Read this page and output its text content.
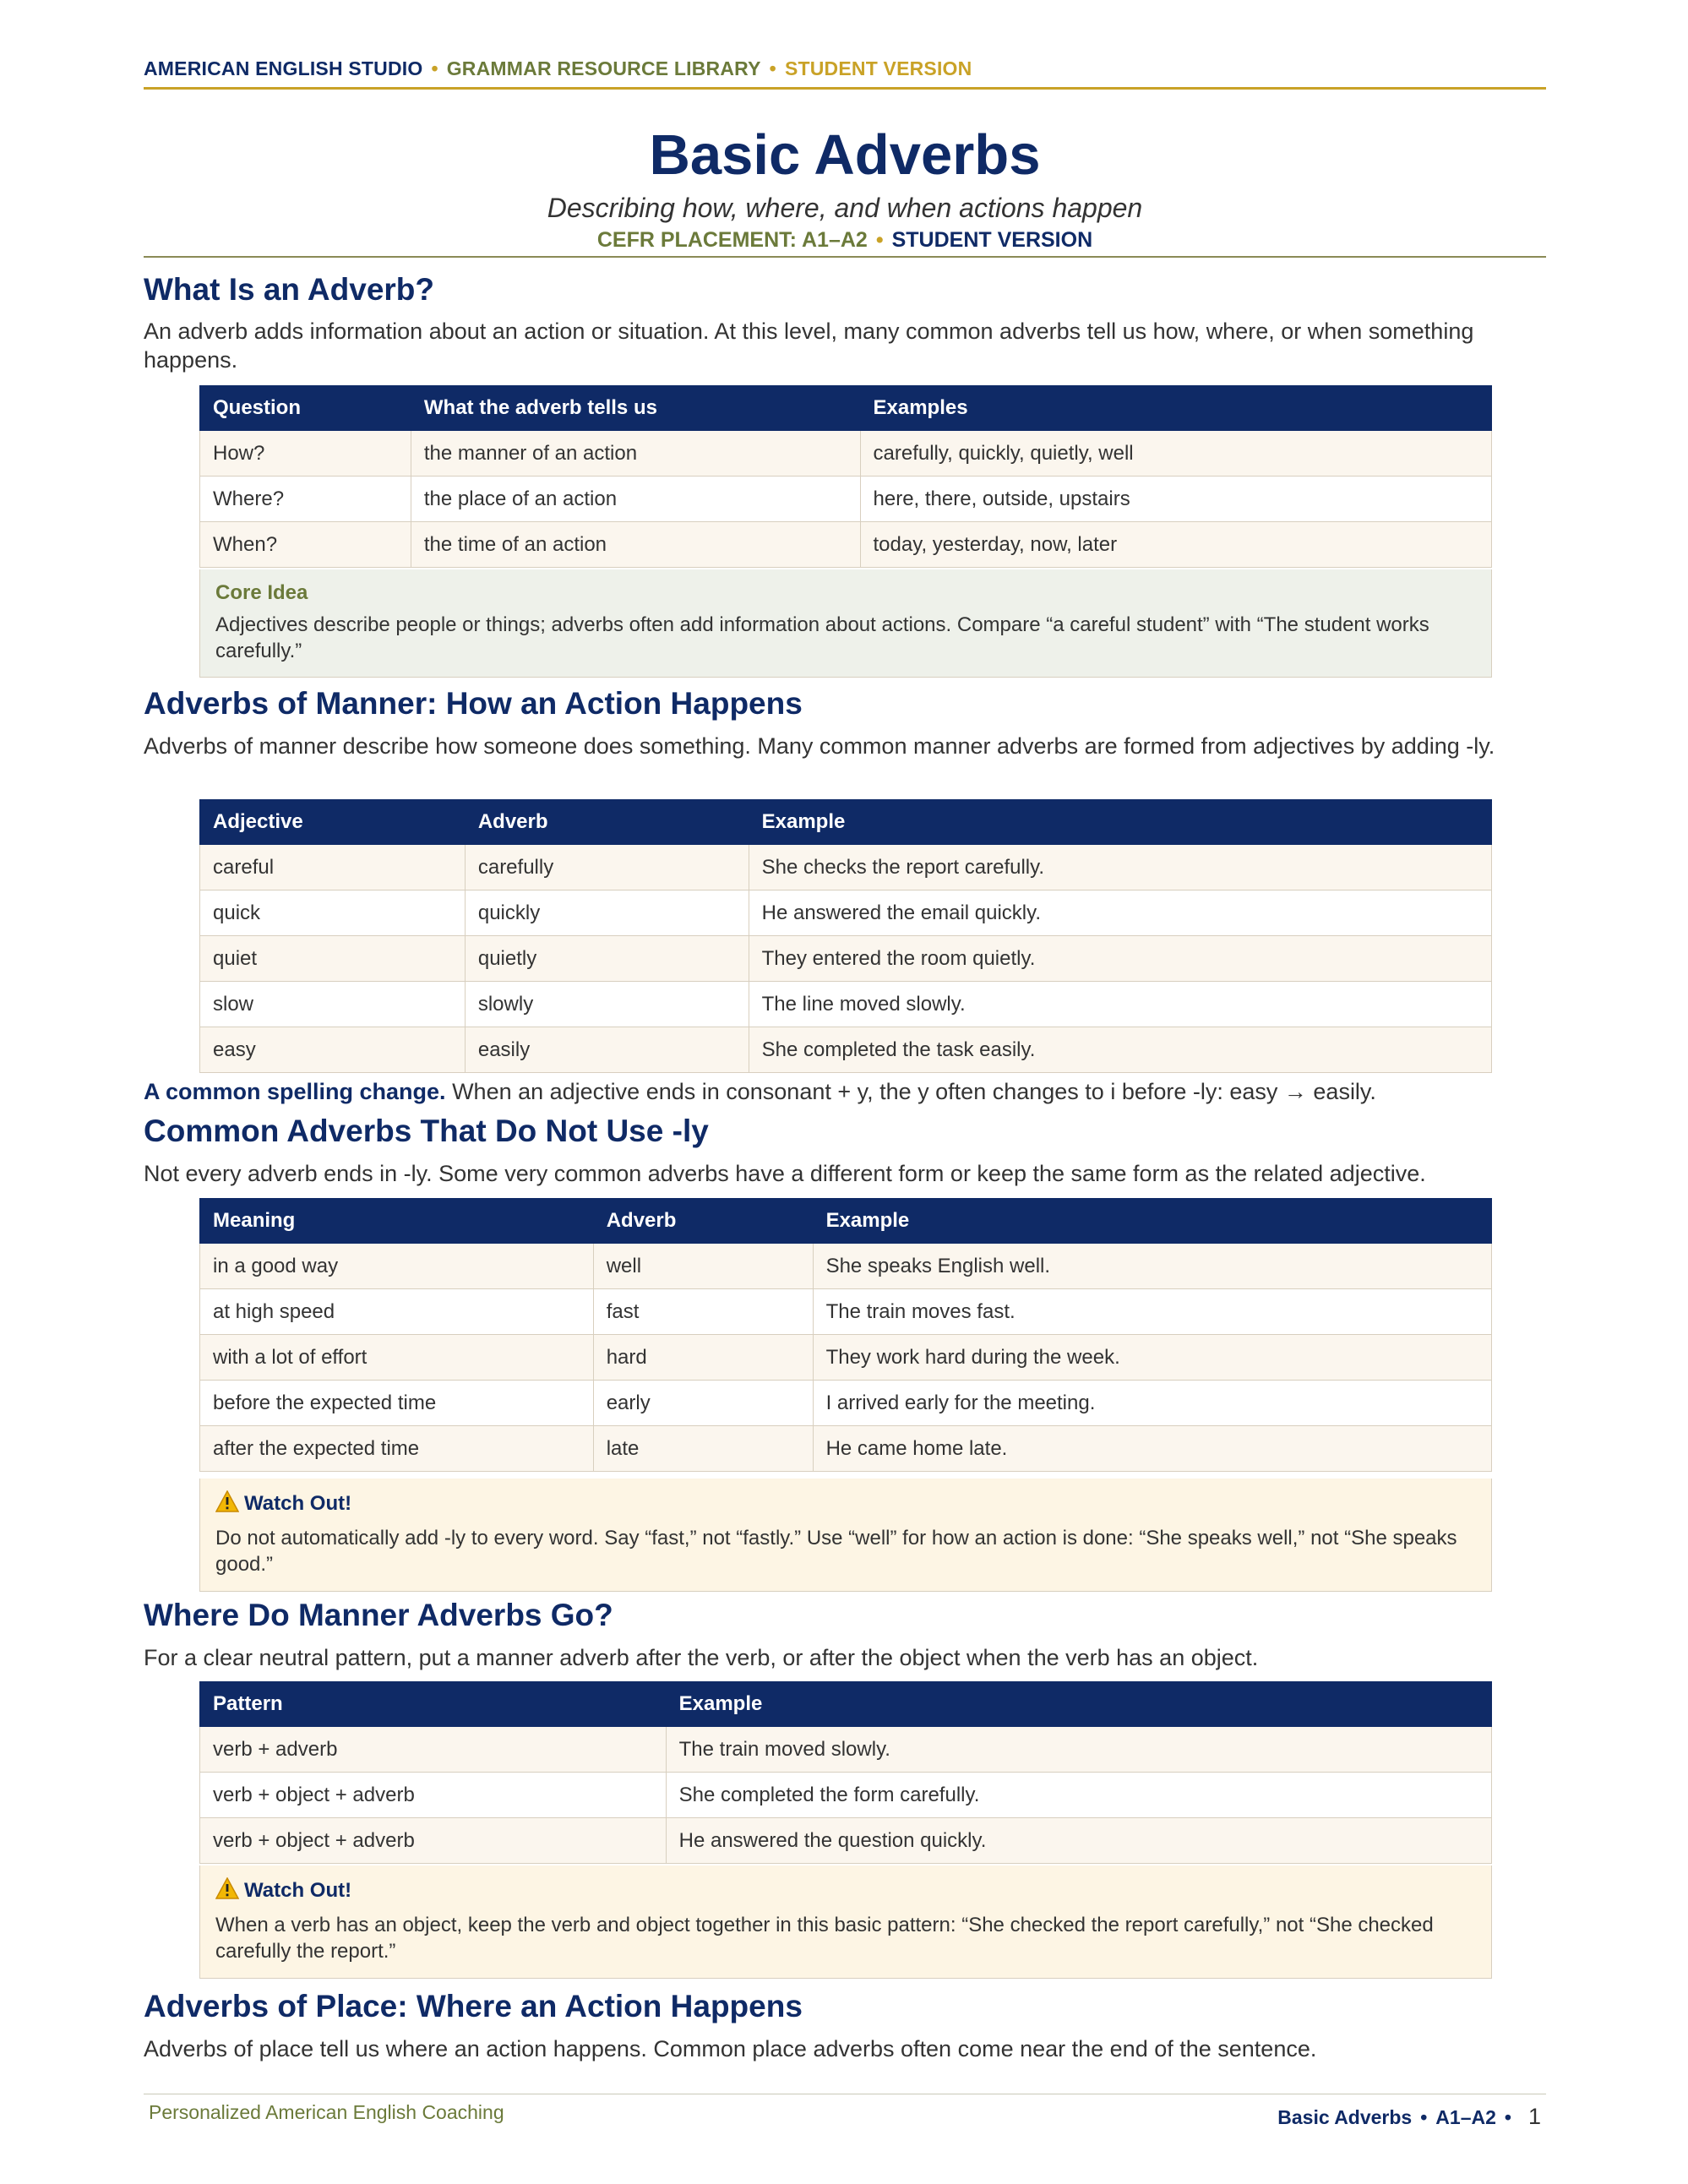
AMERICAN ENGLISH STUDIO • GRAMMAR RESOURCE LIBRARY • STUDENT VERSION
Basic Adverbs
Describing how, where, and when actions happen
CEFR PLACEMENT: A1–A2 • STUDENT VERSION
What Is an Adverb?

An adverb adds information about an action or situation. At this level, many common adverbs tell us how, where, or when something happens.

Question	What the adverb tells us	Examples
How?	the manner of an action	carefully, quickly, quietly, well
Where?	the place of an action	here, there, outside, upstairs
When?	the time of an action	today, yesterday, now, later
Core Idea
Adjectives describe people or things; adverbs often add information about actions. Compare “a careful student” with “The student works carefully.”
Adverbs of Manner: How an Action Happens

Adverbs of manner describe how someone does something. Many common manner adverbs are formed from adjectives by adding -ly.

Adjective	Adverb	Example
careful	carefully	She checks the report carefully.
quick	quickly	He answered the email quickly.
quiet	quietly	They entered the room quietly.
slow	slowly	The line moved slowly.
easy	easily	She completed the task easily.

A common spelling change. When an adjective ends in consonant + y, the y often changes to i before -ly: easy → easily.

Common Adverbs That Do Not Use -ly

Not every adverb ends in -ly. Some very common adverbs have a different form or keep the same form as the related adjective.

Meaning	Adverb	Example
in a good way	well	She speaks English well.
at high speed	fast	The train moves fast.
with a lot of effort	hard	They work hard during the week.
before the expected time	early	I arrived early for the meeting.
after the expected time	late	He came home late.
Watch Out!
Do not automatically add -ly to every word. Say “fast,” not “fastly.” Use “well” for how an action is done: “She speaks well,” not “She speaks good.”
Where Do Manner Adverbs Go?

For a clear neutral pattern, put a manner adverb after the verb, or after the object when the verb has an object.

Pattern	Example
verb + adverb	The train moved slowly.
verb + object + adverb	She completed the form carefully.
verb + object + adverb	He answered the question quickly.
Watch Out!
When a verb has an object, keep the verb and object together in this basic pattern: “She checked the report carefully,” not “She checked carefully the report.”
Adverbs of Place: Where an Action Happens

Adverbs of place tell us where an action happens. Common place adverbs often come near the end of the sentence.

Personalized American English Coaching	Basic Adverbs • A1–A2 • 1
